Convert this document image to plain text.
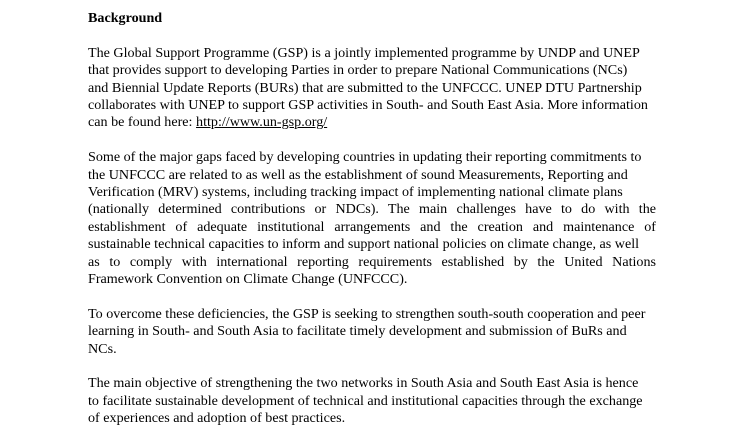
Background
The Global Support Programme (GSP) is a jointly implemented programme by UNDP and UNEP
that provides support to developing Parties in order to prepare National Communications (NCs)
and Biennial Update Reports (BURs) that are submitted to the UNFCCC. UNEP DTU Partnership
collaborates with UNEP to support GSP activities in South- and South East Asia. More information
can be found here: http://www.un-gsp.org/
Some of the major gaps faced by developing countries in updating their reporting commitments to
the UNFCCC are related to as well as the establishment of sound Measurements, Reporting and
Verification (MRV) systems, including tracking impact of implementing national climate plans
(nationally determined contributions or NDCs). The main challenges have to do with the
establishment of adequate institutional arrangements and the creation and maintenance of
sustainable technical capacities to inform and support national policies on climate change, as well
as to comply with international reporting requirements established by the United Nations
Framework Convention on Climate Change (UNFCCC).
To overcome these deficiencies, the GSP is seeking to strengthen south-south cooperation and peer
learning in South- and South Asia to facilitate timely development and submission of BuRs and
NCs.
The main objective of strengthening the two networks in South Asia and South East Asia is hence
to facilitate sustainable development of technical and institutional capacities through the exchange
of experiences and adoption of best practices.
